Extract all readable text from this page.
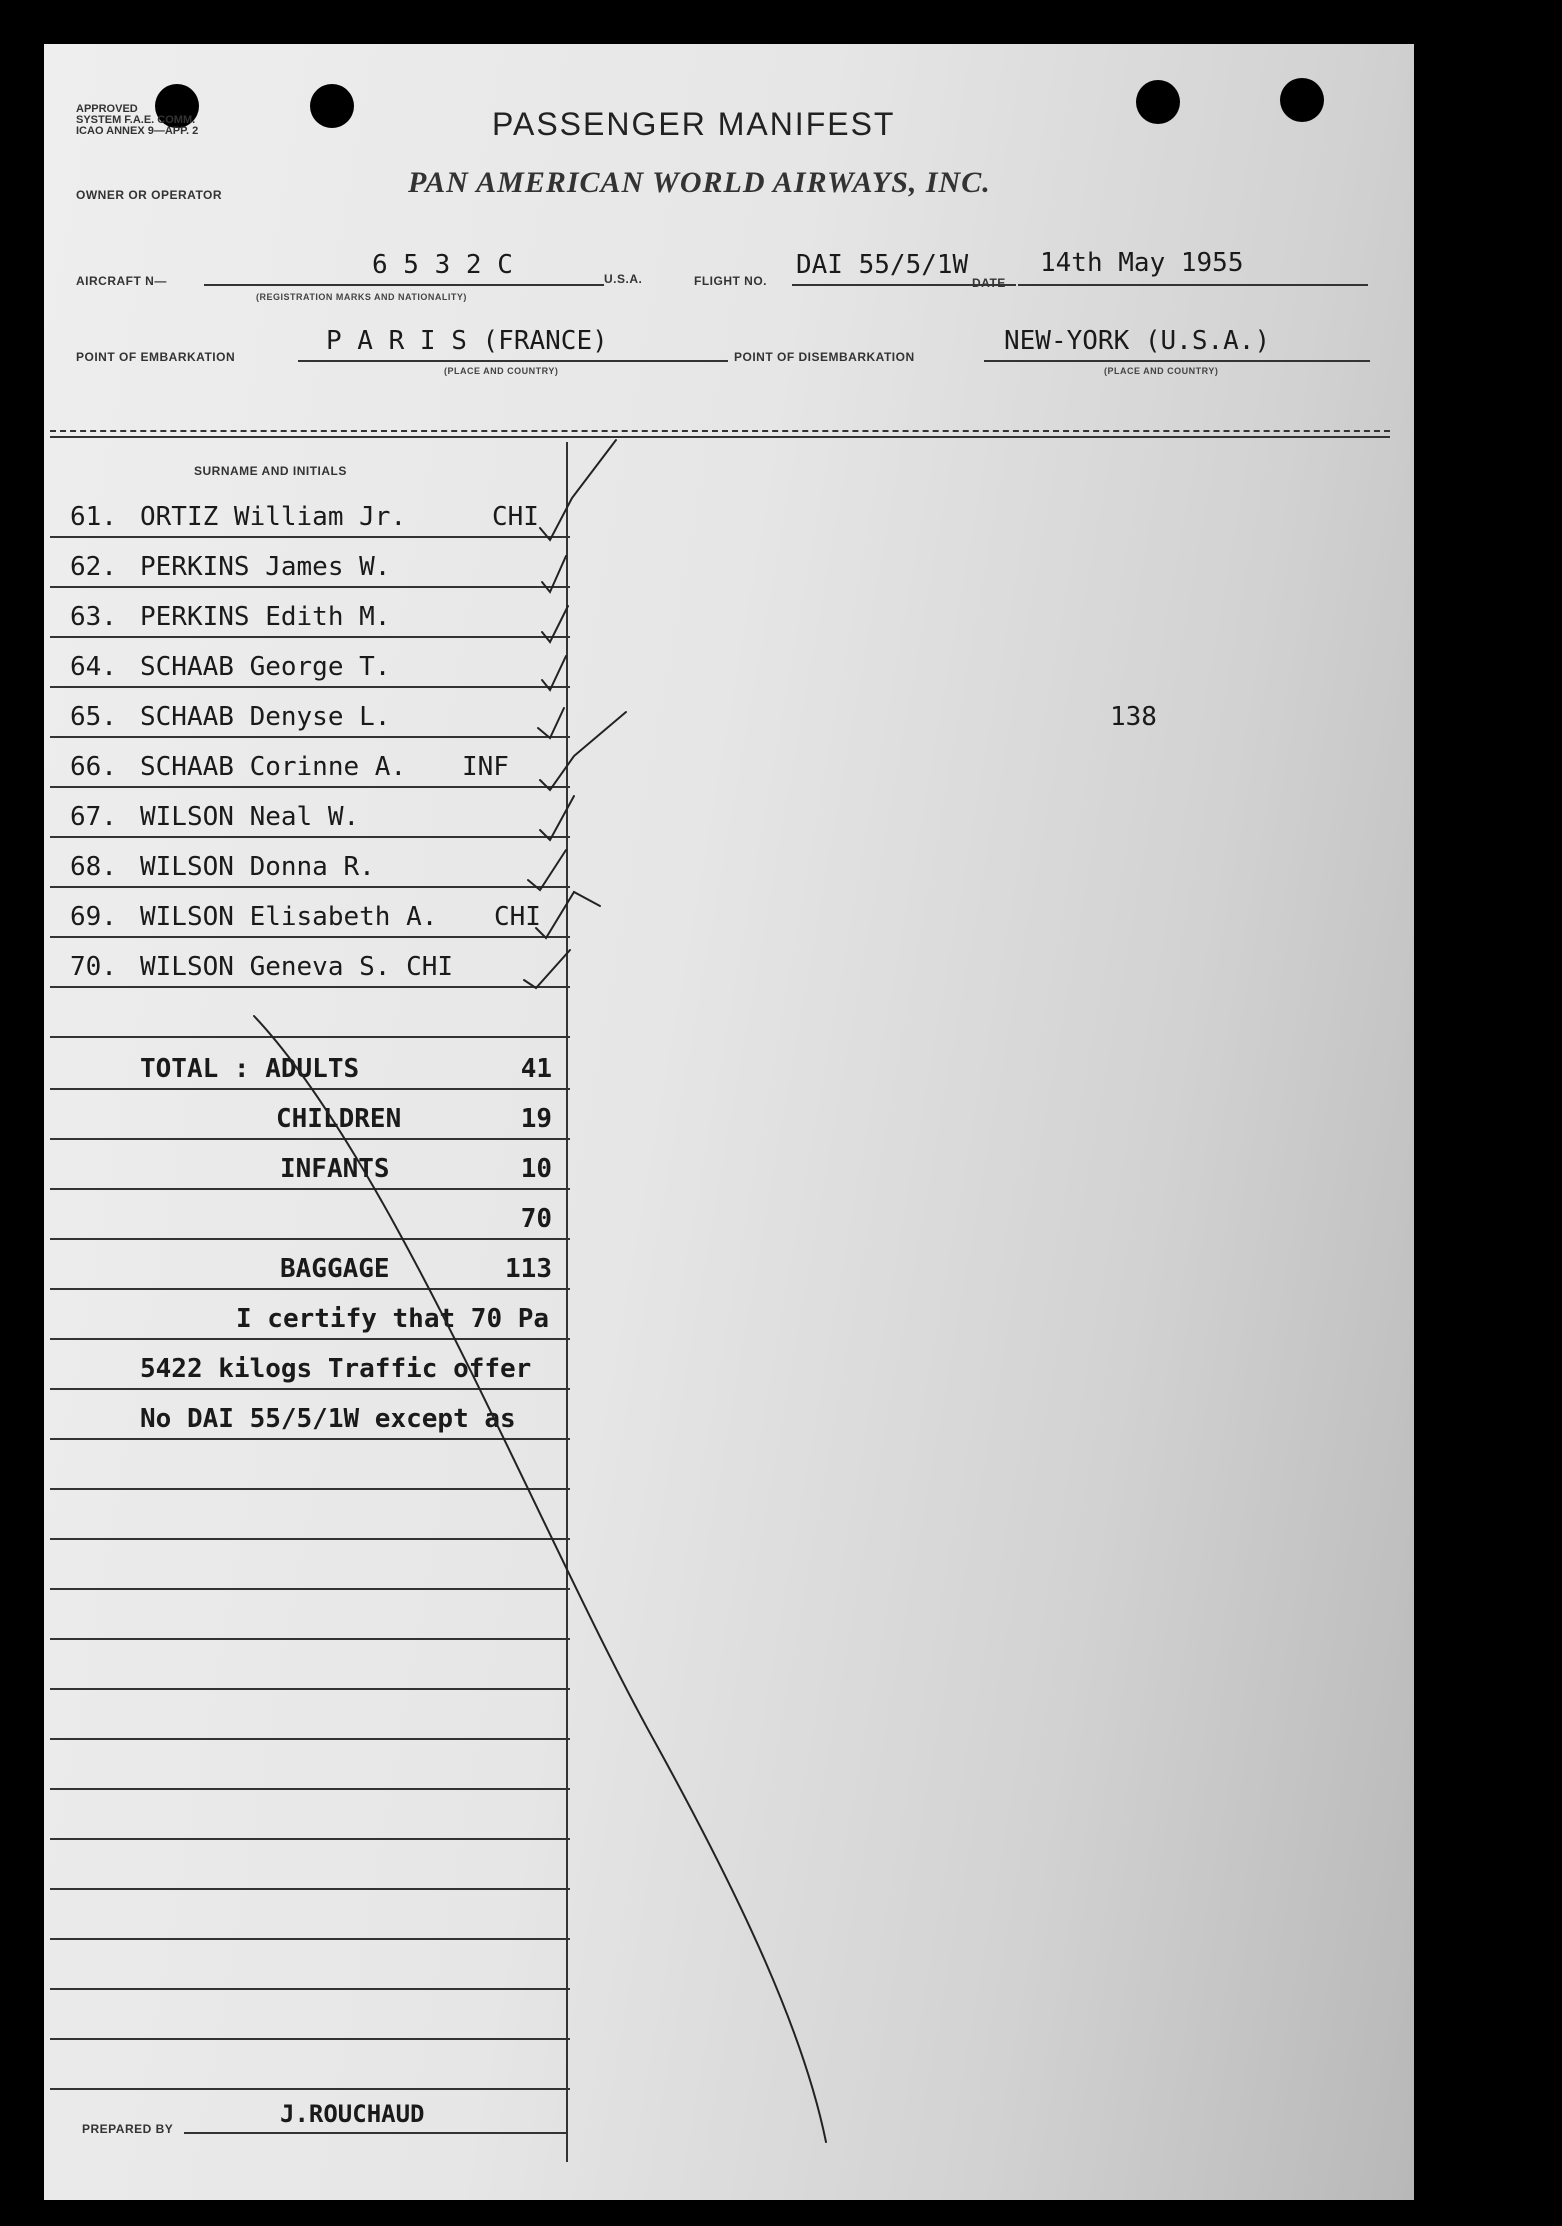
APPROVED
SYSTEM F.A.E. COMM.
ICAO ANNEX 9—APP. 2	PASSENGER MANIFEST
OWNER OR OPERATOR	PAN AMERICAN WORLD AIRWAYS, INC.
AIRCRAFT N—
6 5 3 2 C
(REGISTRATION MARKS AND NATIONALITY)
U.S.A.	FLIGHT NO.
DAI 55/5/1W
DATE
14th May 1955
POINT OF EMBARKATION
P A R I S (FRANCE)
(PLACE AND COUNTRY)
POINT OF DISEMBARKATION
NEW-YORK (U.S.A.)
(PLACE AND COUNTRY)
SURNAME AND INITIALS
61. ORTIZ William Jr.	CHI
62. PERKINS James W.
63. PERKINS Edith M.
64. SCHAAB George T.
65. SCHAAB Denyse L.
66. SCHAAB Corinne A. INF
67. WILSON Neal W.
68. WILSON Donna R.
69. WILSON Elisabeth A. CHI
70. WILSON Geneva S. CHI
TOTAL : ADULTS	41
CHILDREN	19
INFANTS	10
70
BAGGAGE	113
I certify that 70 Pa
5422 kilogs Traffic offer
No DAI 55/5/1W except as
138
PREPARED BY
J.ROUCHAUD
